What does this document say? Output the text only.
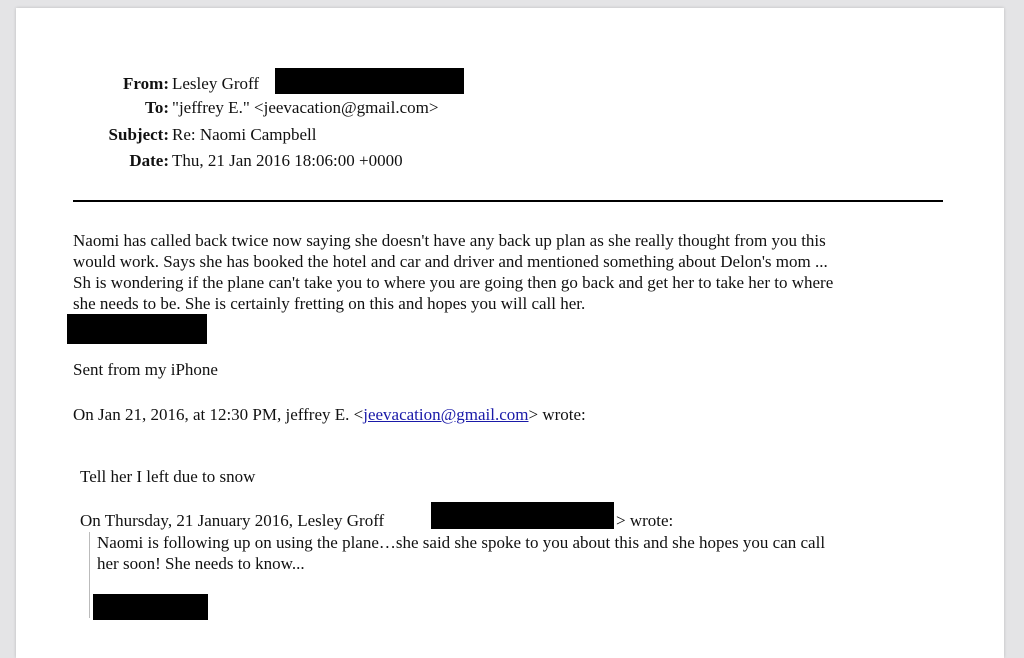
From: Lesley Groff
To: "jeffrey E." <jeevacation@gmail.com>
Subject: Re: Naomi Campbell
Date: Thu, 21 Jan 2016 18:06:00 +0000
Naomi has called back twice now saying she doesn't have any back up plan as she really thought from you this
would work. Says she has booked the hotel and car and driver and mentioned something about Delon's mom ...
Sh is wondering if the plane can't take you to where you are going then go back and get her to take her to where
she needs to be. She is certainly fretting on this and hopes you will call her.
Sent from my iPhone
On Jan 21, 2016, at 12:30 PM, jeffrey E. <jeevacation@gmail.com> wrote:
Tell her I left due to snow
On Thursday, 21 January 2016, Lesley Groff	> wrote:
Naomi is following up on using the plane…she said she spoke to you about this and she hopes you can call
her soon! She needs to know...
